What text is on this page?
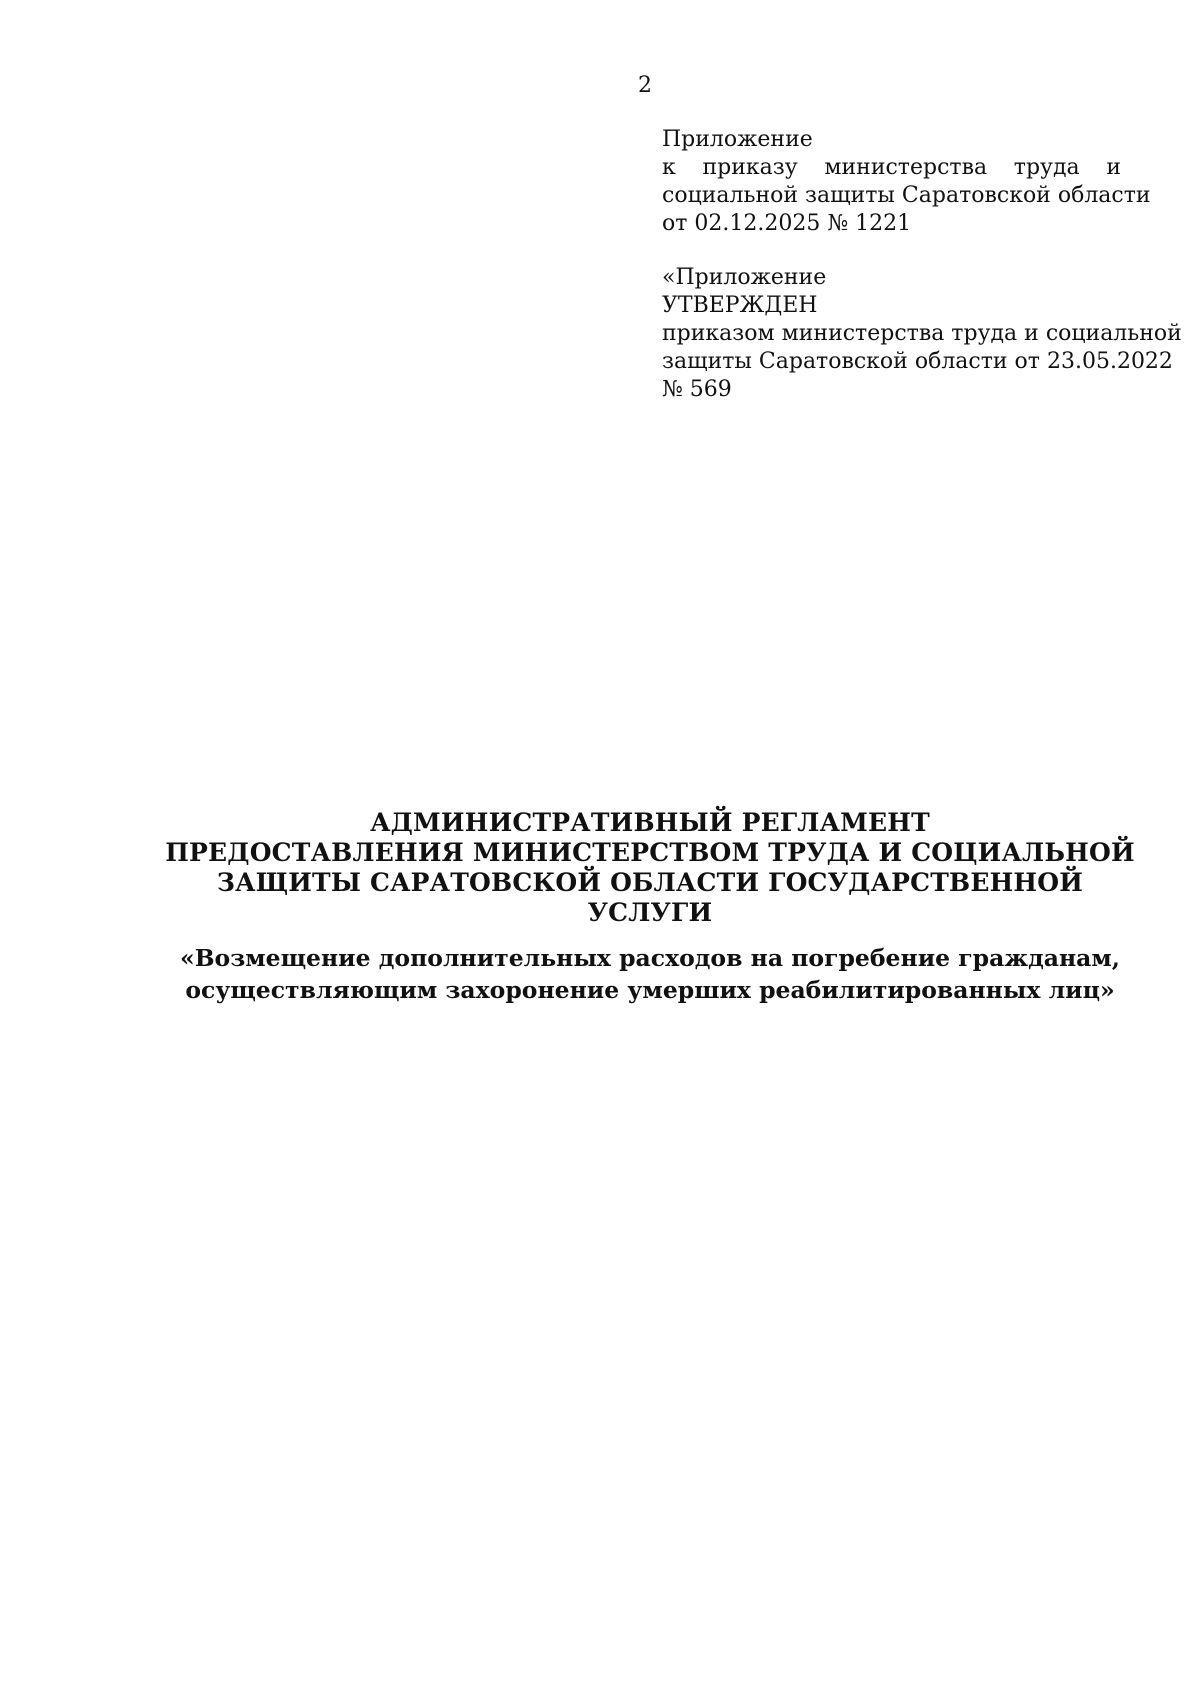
2
Приложение
к приказу министерства труда и
социальной защиты Саратовской области
от 02.12.2025 № 1221
«Приложение
УТВЕРЖДЕН
приказом министерства труда и социальной
защиты Саратовской области от 23.05.2022
№ 569
АДМИНИСТРАТИВНЫЙ РЕГЛАМЕНТ
ПРЕДОСТАВЛЕНИЯ МИНИСТЕРСТВОМ ТРУДА И СОЦИАЛЬНОЙ
ЗАЩИТЫ САРАТОВСКОЙ ОБЛАСТИ ГОСУДАРСТВЕННОЙ
УСЛУГИ
«Возмещение дополнительных расходов на погребение гражданам,
осуществляющим захоронение умерших реабилитированных лиц»
